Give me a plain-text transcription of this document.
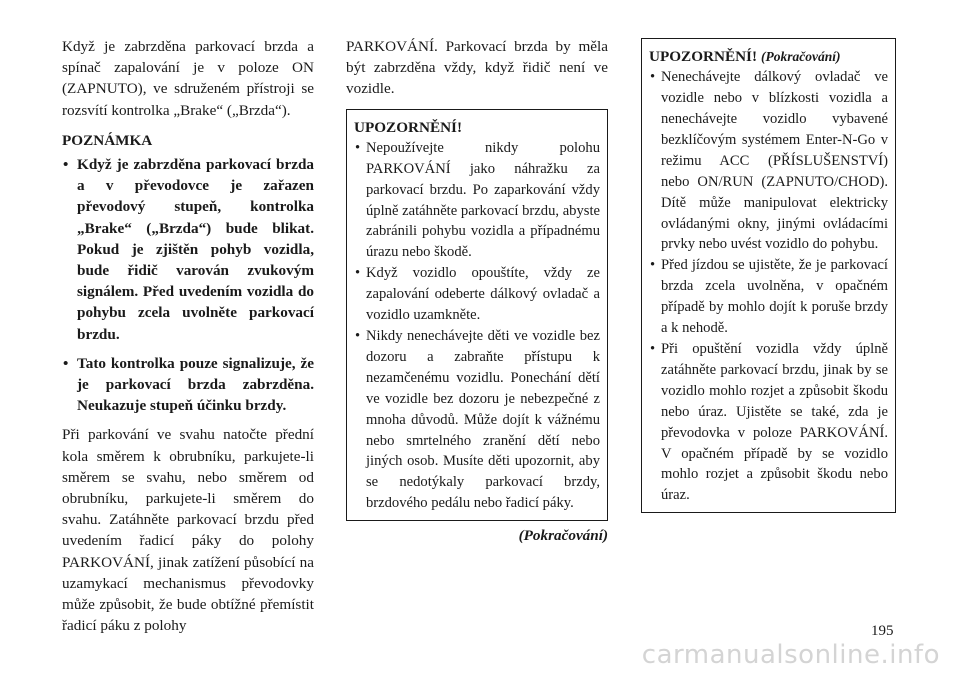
Když je zabrzděna parkovací brzda a spínač zapalování je v poloze ON (ZAPNUTO), ve sdruženém přístroji se rozsvítí kontrolka „Brake“ („Brzda“).

POZNÁMKA
• Když je zabrzděna parkovací brzda a v převodovce je zařazen převodový stupeň, kontrolka „Brake“ („Brzda“) bude blikat. Pokud je zjištěn pohyb vozidla, bude řidič varován zvukovým signálem. Před uvedením vozidla do pohybu zcela uvolněte parkovací brzdu.
• Tato kontrolka pouze signalizuje, že je parkovací brzda zabrzděna. Neukazuje stupeň účinku brzdy.

Při parkování ve svahu natočte přední kola směrem k obrubníku, parkujete-li směrem se svahu, nebo směrem od obrubníku, parkujete-li směrem do svahu. Zatáhněte parkovací brzdu před uvedením řadicí páky do polohy PARKOVÁNÍ, jinak zatížení působící na uzamykací mechanismus převodovky může způsobit, že bude obtížné přemístit řadicí páku z polohy

PARKOVÁNÍ. Parkovací brzda by měla být zabrzděna vždy, když řidič není ve vozidle.

UPOZORNĚNÍ!
• Nepoužívejte nikdy polohu PARKOVÁNÍ jako náhražku za parkovací brzdu. Po zaparkování vždy úplně zatáhněte parkovací brzdu, abyste zabránili pohybu vozidla a případnému úrazu nebo škodě.
• Když vozidlo opouštíte, vždy ze zapalování odeberte dálkový ovladač a vozidlo uzamkněte.
• Nikdy nenechávejte děti ve vozidle bez dozoru a zabraňte přístupu k nezamčenému vozidlu. Ponechání dětí ve vozidle bez dozoru je nebezpečné z mnoha důvodů. Může dojít k vážnému nebo smrtelného zranění dětí nebo jiných osob. Musíte děti upozornit, aby se nedotýkaly parkovací brzdy, brzdového pedálu nebo řadicí páky.
(Pokračování)
UPOZORNĚNÍ! (Pokračování)
• Nenechávejte dálkový ovladač ve vozidle nebo v blízkosti vozidla a nenechávejte vozidlo vybavené bezklíčovým systémem Enter-N-Go v režimu ACC (PŘÍSLUŠENSTVÍ) nebo ON/RUN (ZAPNUTO/CHOD). Dítě může manipulovat elektricky ovládanými okny, jinými ovládacími prvky nebo uvést vozidlo do pohybu.
• Před jízdou se ujistěte, že je parkovací brzda zcela uvolněna, v opačném případě by mohlo dojít k poruše brzdy a k nehodě.
• Při opuštění vozidla vždy úplně zatáhněte parkovací brzdu, jinak by se vozidlo mohlo rozjet a způsobit škodu nebo úraz. Ujistěte se také, zda je převodovka v poloze PARKOVÁNÍ. V opačném případě by se vozidlo mohlo rozjet a způsobit škodu nebo úraz.
195
carmanualsonline.info
